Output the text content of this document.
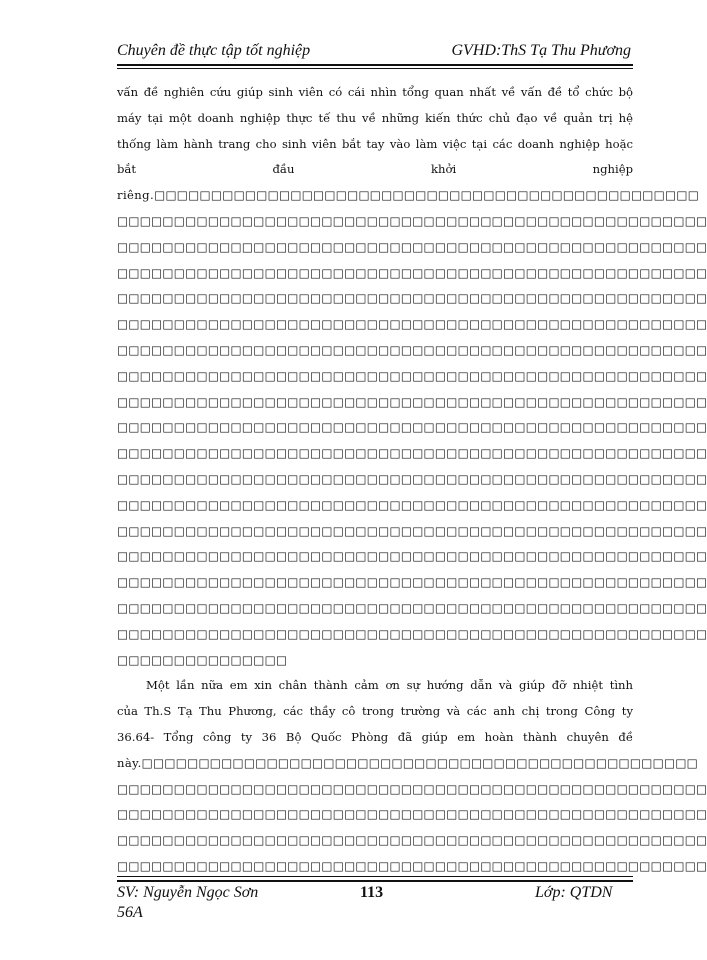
Chuyên đề thực tập tốt nghiệp	GVHD:ThS Tạ Thu Phương
vấn đề nghiên cứu giúp sinh viên có cái nhìn tổng quan nhất về vấn đề tổ chức bộ
máy tại một doanh nghiệp thực tế thu về những kiến thức chủ đạo về quản trị hệ
thống làm hành trang cho sinh viên bắt tay vào làm việc tại các doanh nghiệp hoặc
bắt đầu khởi nghiệp
riêng.□□□□□□□□□□□□□□□□□□□□□□□□□□□□□□□□□□□□□□□□□□□□□□□□
□□□□□□□□□□□□□□□□□□□□□□□□□□□□□□□□□□□□□□□□□□□□□□□□□□□□
□□□□□□□□□□□□□□□□□□□□□□□□□□□□□□□□□□□□□□□□□□□□□□□□□□□□
□□□□□□□□□□□□□□□□□□□□□□□□□□□□□□□□□□□□□□□□□□□□□□□□□□□□
□□□□□□□□□□□□□□□□□□□□□□□□□□□□□□□□□□□□□□□□□□□□□□□□□□□□
□□□□□□□□□□□□□□□□□□□□□□□□□□□□□□□□□□□□□□□□□□□□□□□□□□□□
□□□□□□□□□□□□□□□□□□□□□□□□□□□□□□□□□□□□□□□□□□□□□□□□□□□□
□□□□□□□□□□□□□□□□□□□□□□□□□□□□□□□□□□□□□□□□□□□□□□□□□□□□
□□□□□□□□□□□□□□□□□□□□□□□□□□□□□□□□□□□□□□□□□□□□□□□□□□□□
□□□□□□□□□□□□□□□□□□□□□□□□□□□□□□□□□□□□□□□□□□□□□□□□□□□□
□□□□□□□□□□□□□□□□□□□□□□□□□□□□□□□□□□□□□□□□□□□□□□□□□□□□
□□□□□□□□□□□□□□□□□□□□□□□□□□□□□□□□□□□□□□□□□□□□□□□□□□□□
□□□□□□□□□□□□□□□□□□□□□□□□□□□□□□□□□□□□□□□□□□□□□□□□□□□□
□□□□□□□□□□□□□□□□□□□□□□□□□□□□□□□□□□□□□□□□□□□□□□□□□□□□
□□□□□□□□□□□□□□□□□□□□□□□□□□□□□□□□□□□□□□□□□□□□□□□□□□□□
□□□□□□□□□□□□□□□□□□□□□□□□□□□□□□□□□□□□□□□□□□□□□□□□□□□□
□□□□□□□□□□□□□□□□□□□□□□□□□□□□□□□□□□□□□□□□□□□□□□□□□□□□
□□□□□□□□□□□□□□□□□□□□□□□□□□□□□□□□□□□□□□□□□□□□□□□□□□□□
□□□□□□□□□□□□□□□
Một lần nữa em xin chân thành cảm ơn sự hướng dẫn và giúp đỡ nhiệt tình
của Th.S Tạ Thu Phương, các thầy cô trong trường và các anh chị trong Công ty
36.64- Tổng công ty 36 Bộ Quốc Phòng đã giúp em hoàn thành chuyên đề
này.□□□□□□□□□□□□□□□□□□□□□□□□□□□□□□□□□□□□□□□□□□□□□□□□□
□□□□□□□□□□□□□□□□□□□□□□□□□□□□□□□□□□□□□□□□□□□□□□□□□□□□
□□□□□□□□□□□□□□□□□□□□□□□□□□□□□□□□□□□□□□□□□□□□□□□□□□□□
□□□□□□□□□□□□□□□□□□□□□□□□□□□□□□□□□□□□□□□□□□□□□□□□□□□□
□□□□□□□□□□□□□□□□□□□□□□□□□□□□□□□□□□□□□□□□□□□□□□□□□□□□
SV: Nguyễn Ngọc Sơn
56A
113	Lớp: QTDN
